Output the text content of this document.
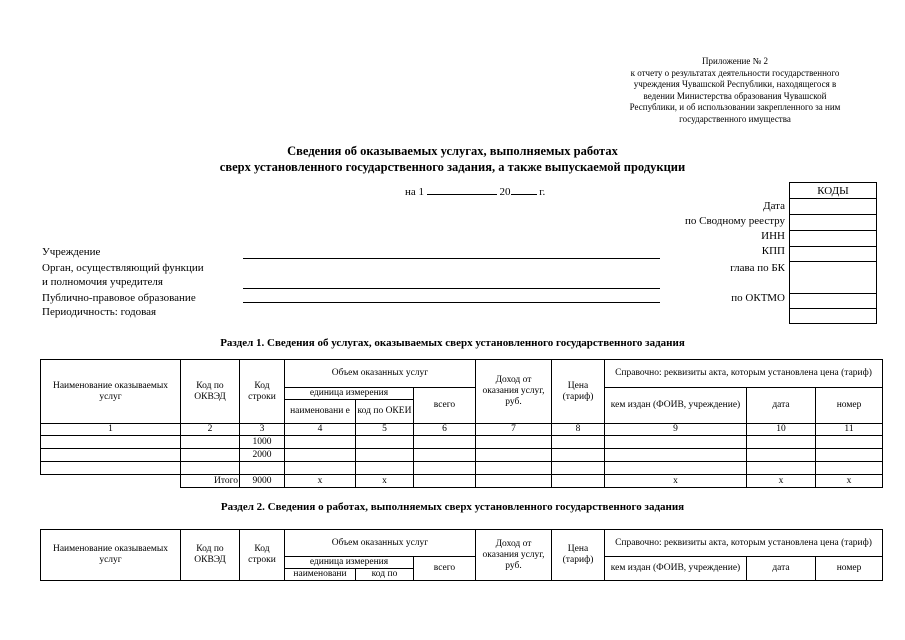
Приложение № 2
к отчету о результатах деятельности государственного
учреждения Чувашской Республики, находящегося в
ведении Министерства образования Чувашской
Республики, и об использовании закрепленного за ним
государственного имущества
Сведения об оказываемых услугах, выполняемых работах
сверх установленного государственного задания, а также выпускаемой продукции
на 1	20	г.	КОДЫ

Дата
по Сводному реестру
ИНН
КПП
глава по БК
по ОКТМО
Учреждение
Орган, осуществляющий функции
и полномочия учредителя
Публично-правовое образование
Периодичность: годовая
Раздел 1. Сведения об услугах, оказываемых сверх установленного государственного задания
Наименование оказываемых услуг	Код по ОКВЭД	Код строки	Объем оказанных услуг			Доход от оказания услуг, руб.	Цена (тариф)	Справочно: реквизиты акта, которым установлена цена (тариф)		
			единица измерения		всего			кем издан (ФОИВ, учреждение)	дата	номер
			наименовани е	код по ОКЕИ						
1	2	3	4	5	6	7	8	9	10	11
		1000								
		2000								

	Итого	9000	x	x				x	x	x
Раздел 2. Сведения о работах, выполняемых сверх установленного государственного задания
Наименование оказываемых услуг	Код по ОКВЭД	Код строки	Объем оказанных услуг			Доход от оказания услуг, руб.	Цена (тариф)	Справочно: реквизиты акта, которым установлена цена (тариф)		
			единица измерения		всего			кем издан (ФОИВ, учреждение)	дата	номер
			наименовани	код по						
